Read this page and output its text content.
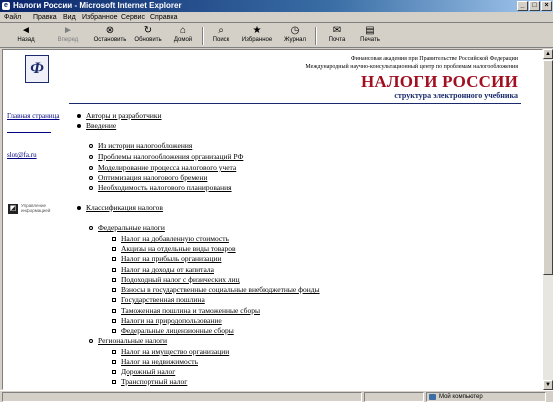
e Налоги России - Microsoft Internet Explorer	_	□	×
Файл Правка Вид Избранное Сервис Справка
◄
Назад
►
Вперед
⊗
Остановить
↻
Обновить
⌂
Домой
⌕
Поиск
★
Избранное
◷
Журнал
✉
Почта
▤
Печать
Ф
Финансовая академия при Правительстве Российской Федерации
Международный научно-консультационный центр по проблемам налогообложения
НАЛОГИ РОССИИ
структура электронного учебника
Главная страница
slot@fa.ru
◩	Управление информацией
Авторы и разработчики
Введение
Из истории налогообложения
Проблемы налогообложения организаций РФ
Моделирование процесса налогового учета
Оптимизация налогового бремени
Необходимость налогового планирования
Классификация налогов
Федеральные налоги
Налог на добавленную стоимость
Акцизы на отдельные виды товаров
Налог на прибыль организации
Налог на доходы от капитала
Подоходный налог с физических лиц
Взносы в государственные социальные внебюджетные фонды
Государственная пошлина
Таможенная пошлина и таможенные сборы
Налоги на природопользование
Федеральные лицензионные сборы
Региональные налоги
Налог на имущество организации
Налог на недвижимость
Дорожный налог
Транспортный налог
▲
▼
Мой компьютер
